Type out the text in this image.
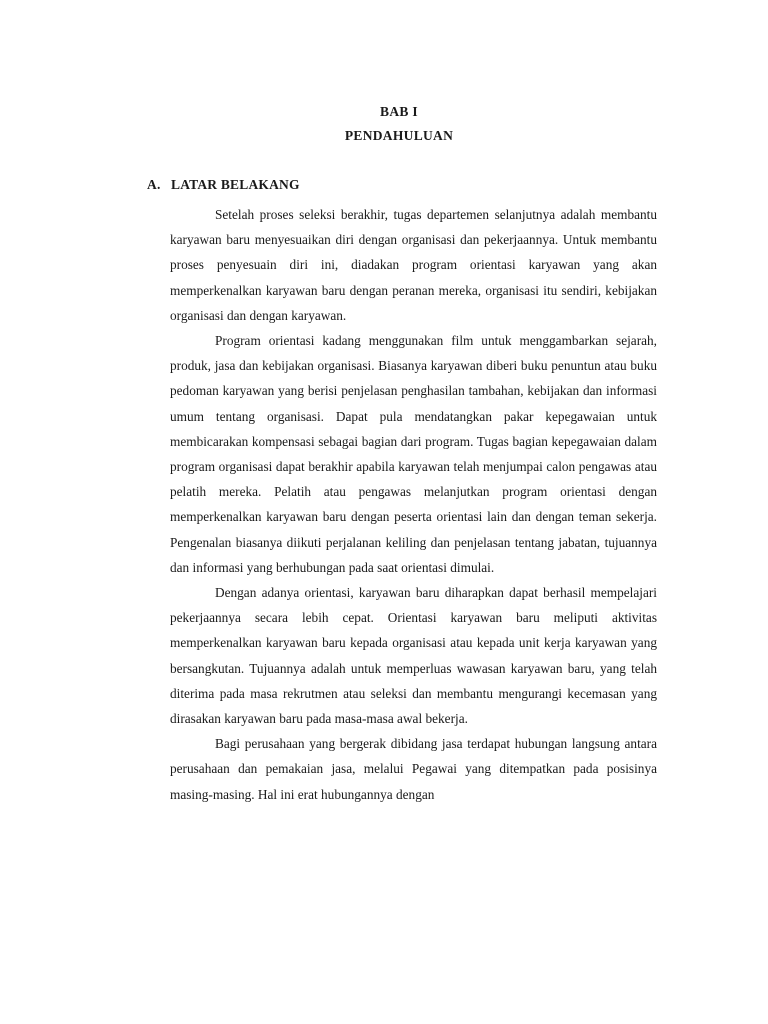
BAB I
PENDAHULUAN
A. LATAR BELAKANG

Setelah proses seleksi berakhir, tugas departemen selanjutnya adalah membantu karyawan baru menyesuaikan diri dengan organisasi dan pekerjaannya. Untuk membantu proses penyesuain diri ini, diadakan program orientasi karyawan yang akan memperkenalkan karyawan baru dengan peranan mereka, organisasi itu sendiri, kebijakan organisasi dan dengan karyawan.

Program orientasi kadang menggunakan film untuk menggambarkan sejarah, produk, jasa dan kebijakan organisasi. Biasanya karyawan diberi buku penuntun atau buku pedoman karyawan yang berisi penjelasan penghasilan tambahan, kebijakan dan informasi umum tentang organisasi. Dapat pula mendatangkan pakar kepegawaian untuk membicarakan kompensasi sebagai bagian dari program. Tugas bagian kepegawaian dalam program organisasi dapat berakhir apabila karyawan telah menjumpai calon pengawas atau pelatih mereka. Pelatih atau pengawas melanjutkan program orientasi dengan memperkenalkan karyawan baru dengan peserta orientasi lain dan dengan teman sekerja. Pengenalan biasanya diikuti perjalanan keliling dan penjelasan tentang jabatan, tujuannya dan informasi yang berhubungan pada saat orientasi dimulai.

Dengan adanya orientasi, karyawan baru diharapkan dapat berhasil mempelajari pekerjaannya secara lebih cepat. Orientasi karyawan baru meliputi aktivitas memperkenalkan karyawan baru kepada organisasi atau kepada unit kerja karyawan yang bersangkutan. Tujuannya adalah untuk memperluas wawasan karyawan baru, yang telah diterima pada masa rekrutmen atau seleksi dan membantu mengurangi kecemasan yang dirasakan karyawan baru pada masa-masa awal bekerja.

Bagi perusahaan yang bergerak dibidang jasa terdapat hubungan langsung antara perusahaan dan pemakaian jasa, melalui Pegawai yang ditempatkan pada posisinya masing-masing. Hal ini erat hubungannya dengan
